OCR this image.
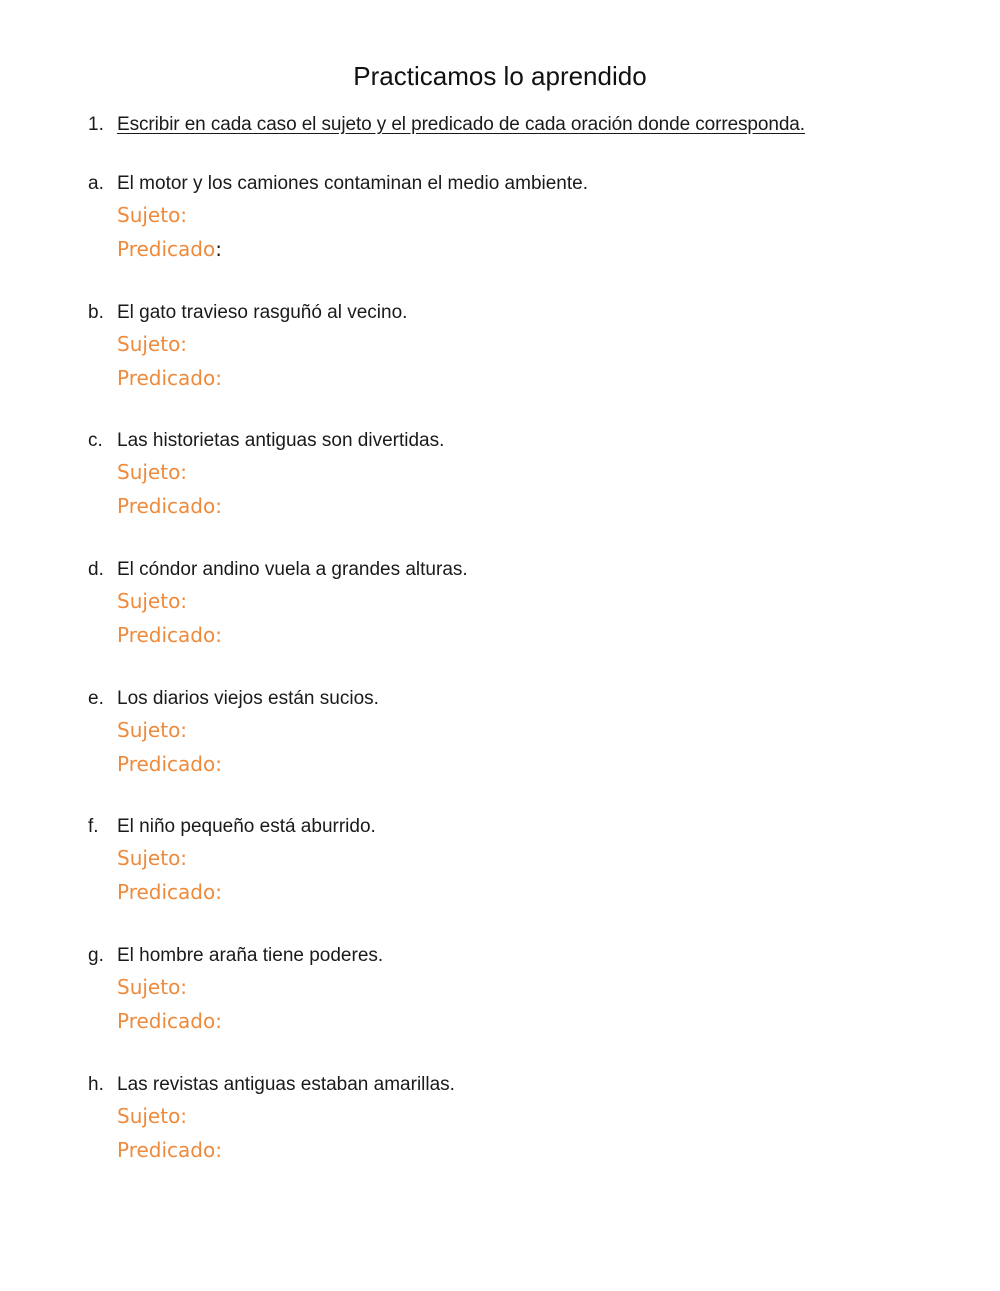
Practicamos lo aprendido
1. Escribir en cada caso el sujeto y el predicado de cada oración donde corresponda.
a. El motor y los camiones contaminan el medio ambiente.
Sujeto:
Predicado:
b. El gato travieso rasguñó al vecino.
Sujeto:
Predicado:
c. Las historietas antiguas son divertidas.
Sujeto:
Predicado:
d. El cóndor andino vuela a grandes alturas.
Sujeto:
Predicado:
e. Los diarios viejos están sucios.
Sujeto:
Predicado:
f. El niño pequeño está aburrido.
Sujeto:
Predicado:
g. El hombre araña tiene poderes.
Sujeto:
Predicado:
h. Las revistas antiguas estaban amarillas.
Sujeto:
Predicado:
